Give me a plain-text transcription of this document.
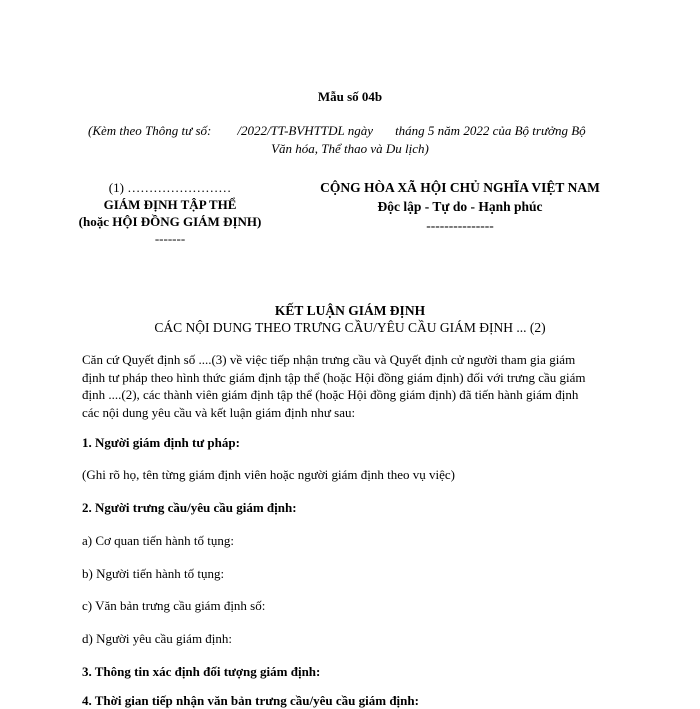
Mẫu số 04b
(Kèm theo Thông tư số: /2022/TT-BVHTTDL ngày tháng 5 năm 2022 của Bộ trưởng Bộ
Văn hóa, Thể thao và Du lịch)
(1) ……………………
GIÁM ĐỊNH TẬP THỂ
(hoặc HỘI ĐỒNG GIÁM ĐỊNH)
-------
CỘNG HÒA XÃ HỘI CHỦ NGHĨA VIỆT NAM
Độc lập - Tự do - Hạnh phúc
---------------
KẾT LUẬN GIÁM ĐỊNH
CÁC NỘI DUNG THEO TRƯNG CẦU/YÊU CẦU GIÁM ĐỊNH ... (2)
Căn cứ Quyết định số ....(3) về việc tiếp nhận trưng cầu và Quyết định cử người tham gia giám
định tư pháp theo hình thức giám định tập thể (hoặc Hội đồng giám định) đối với trưng cầu giám
định ....(2), các thành viên giám định tập thể (hoặc Hội đồng giám định) đã tiến hành giám định
các nội dung yêu cầu và kết luận giám định như sau:
1. Người giám định tư pháp:
(Ghi rõ họ, tên từng giám định viên hoặc người giám định theo vụ việc)
2. Người trưng cầu/yêu cầu giám định:
a) Cơ quan tiến hành tố tụng:
b) Người tiến hành tố tụng:
c) Văn bản trưng cầu giám định số:
d) Người yêu cầu giám định:
3. Thông tin xác định đối tượng giám định:
4. Thời gian tiếp nhận văn bản trưng cầu/yêu cầu giám định:
